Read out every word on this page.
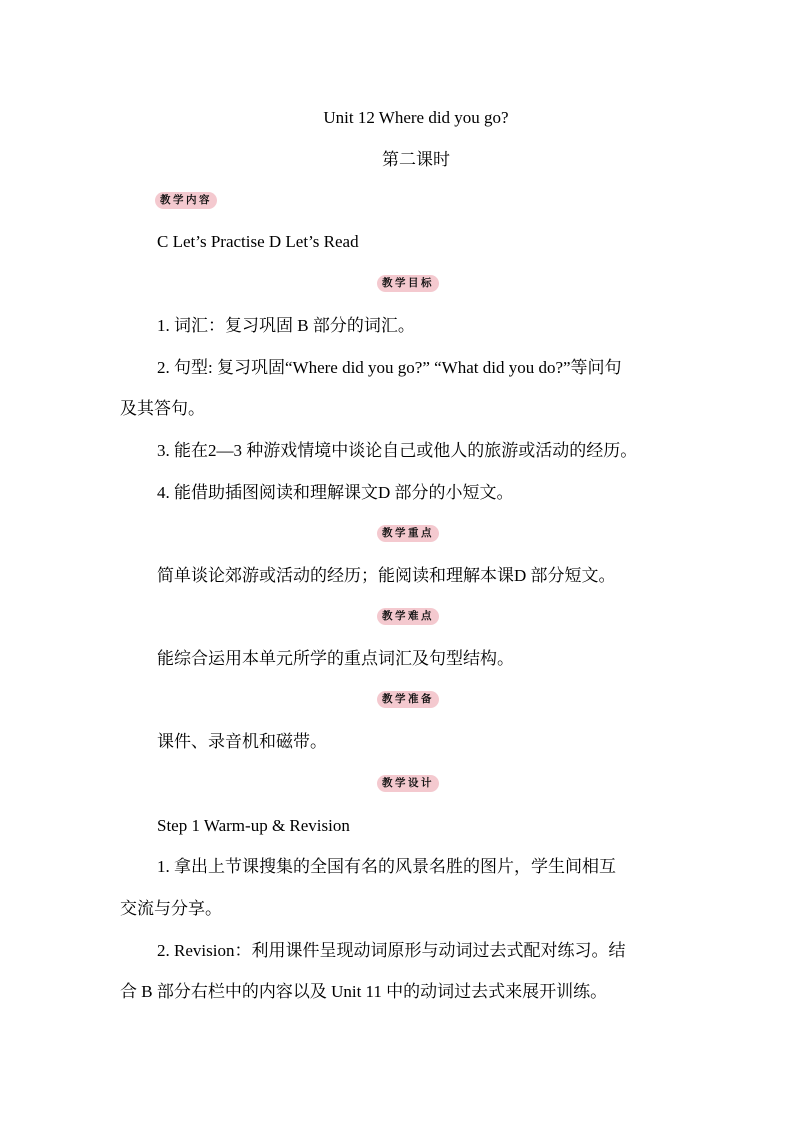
Unit 12 Where did you go?
第二课时
教学内容
C Let’s Practise D Let’s Read
教学目标
1. 词汇：复习巩固 B 部分的词汇。
2. 句型: 复习巩固“Where did you go?” “What did you do?”等问句
及其答句。
3. 能在2—3 种游戏情境中谈论自己或他人的旅游或活动的经历。
4. 能借助插图阅读和理解课文D 部分的小短文。
教学重点
简单谈论郊游或活动的经历；能阅读和理解本课D 部分短文。
教学难点
能综合运用本单元所学的重点词汇及句型结构。
教学准备
课件、录音机和磁带。
教学设计
Step 1 Warm-up & Revision
1. 拿出上节课搜集的全国有名的风景名胜的图片，学生间相互
交流与分享。
2. Revision：利用课件呈现动词原形与动词过去式配对练习。结
合 B 部分右栏中的内容以及 Unit 11 中的动词过去式来展开训练。
